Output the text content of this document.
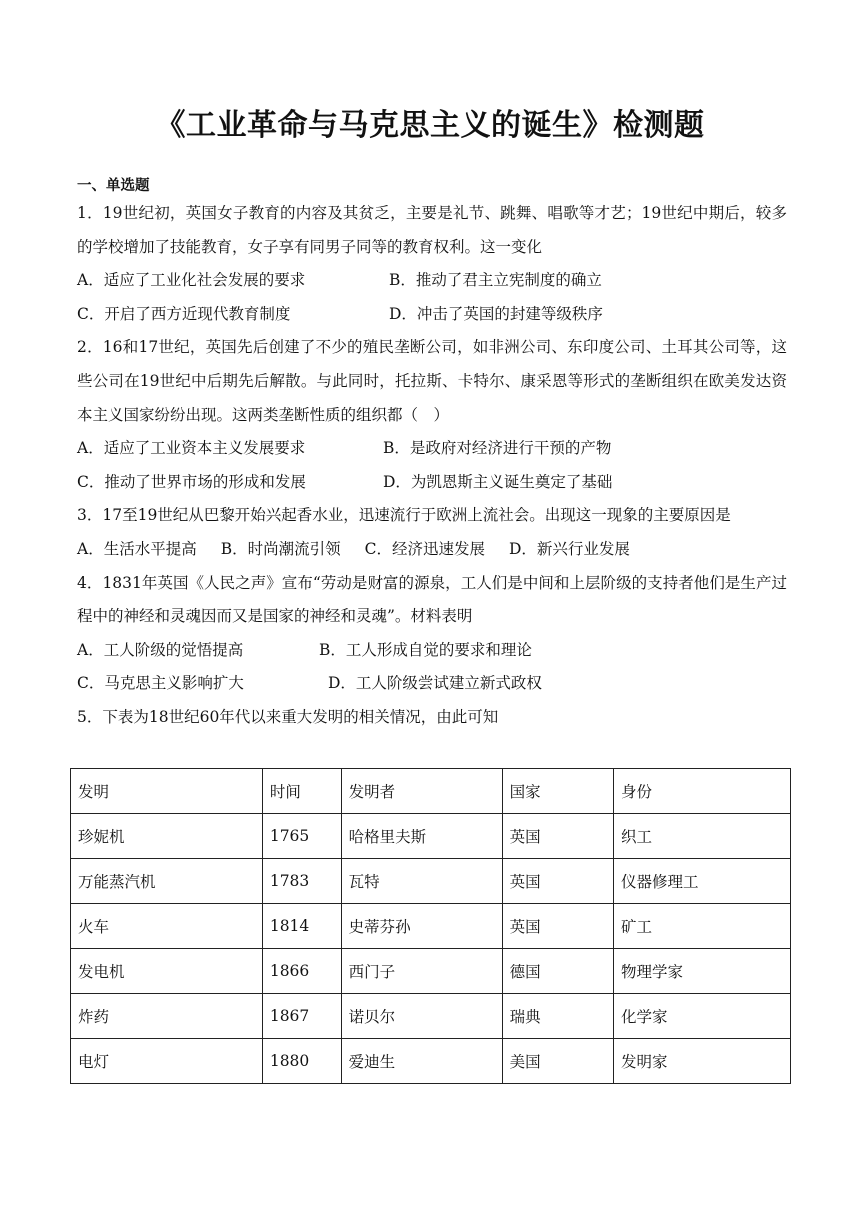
《工业革命与马克思主义的诞生》检测题
一、单选题

1．19世纪初，英国女子教育的内容及其贫乏，主要是礼节、跳舞、唱歌等才艺；19世纪中期后，较多的学校增加了技能教育，女子享有同男子同等的教育权利。这一变化

A．适应了工业化社会发展的要求	B．推动了君主立宪制度的确立
C．开启了西方近现代教育制度	D．冲击了英国的封建等级秩序

2．16和17世纪，英国先后创建了不少的殖民垄断公司，如非洲公司、东印度公司、土耳其公司等，这些公司在19世纪中后期先后解散。与此同时，托拉斯、卡特尔、康采恩等形式的垄断组织在欧美发达资本主义国家纷纷出现。这两类垄断性质的组织都（　）

A．适应了工业资本主义发展要求	B．是政府对经济进行干预的产物
C．推动了世界市场的形成和发展	D．为凯恩斯主义诞生奠定了基础

3．17至19世纪从巴黎开始兴起香水业，迅速流行于欧洲上流社会。出现这一现象的主要原因是

A．生活水平提高 B．时尚潮流引领 C．经济迅速发展 D．新兴行业发展

4．1831年英国《人民之声》宣布“劳动是财富的源泉，工人们是中间和上层阶级的支持者他们是生产过程中的神经和灵魂因而又是国家的神经和灵魂”。材料表明

A．工人阶级的觉悟提高	B．工人形成自觉的要求和理论
C．马克思主义影响扩大	D．工人阶级尝试建立新式政权

5．下表为18世纪60年代以来重大发明的相关情况，由此可知

发明	时间	发明者	国家	身份
珍妮机	1765	哈格里夫斯	英国	织工
万能蒸汽机	1783	瓦特	英国	仪器修理工
火车	1814	史蒂芬孙	英国	矿工
发电机	1866	西门子	德国	物理学家
炸药	1867	诺贝尔	瑞典	化学家
电灯	1880	爱迪生	美国	发明家
